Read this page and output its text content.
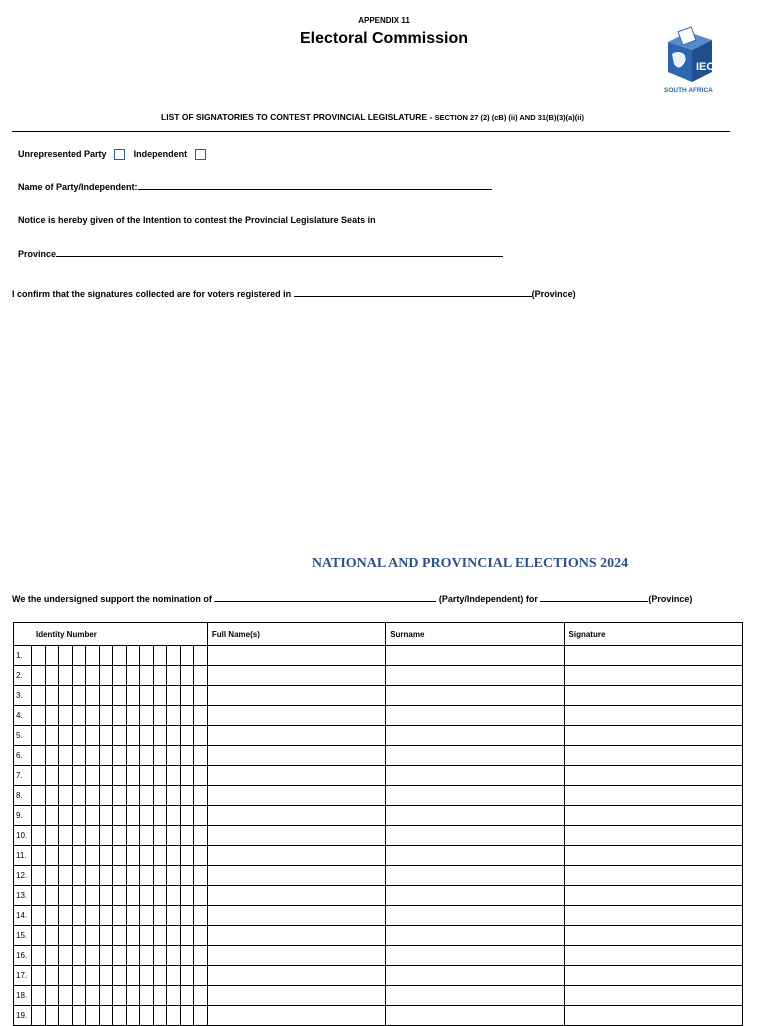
APPENDIX 11
Electoral Commission
IEC
SOUTH AFRICA
LIST OF SIGNATORIES TO CONTEST PROVINCIAL LEGISLATURE - SECTION 27 (2) (cB) (ii) AND 31(B)(3)(a)(ii)
Unrepresented Party	Independent
Name of Party/Independent:
Notice is hereby given of the Intention to contest the Provincial Legislature Seats in
Province
I confirm that the signatures collected are for voters registered in	(Province)
NATIONAL AND PROVINCIAL ELECTIONS 2024
We the undersigned support the nomination of	(Party/Independent) for	(Province)
Identity Number														Full Name(s)	Surname	Signature
1.																
2.																
3.																
4.																
5.																
6.																
7.																
8.																
9.																
10.																
11.																
12.																
13.																
14.																
15.																
16.																
17.																
18.																
19.																
